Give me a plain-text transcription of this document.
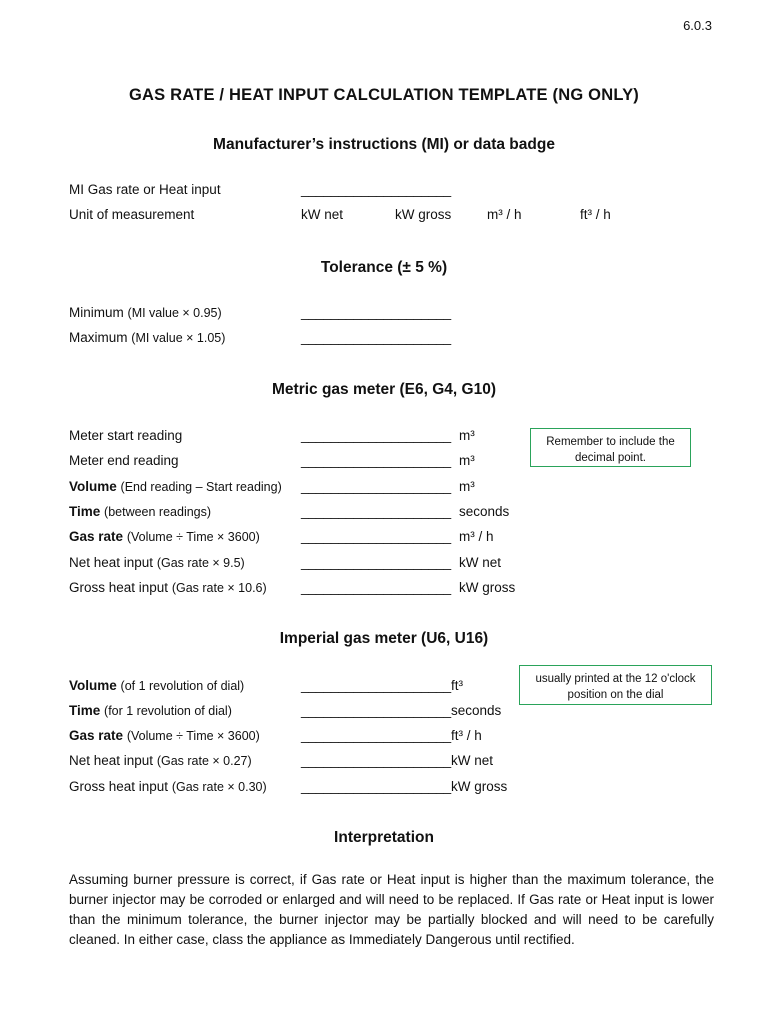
6.0.3
GAS RATE / HEAT INPUT CALCULATION TEMPLATE (NG ONLY)
Manufacturer’s instructions (MI) or data badge
MI Gas rate or Heat input	____________________
Unit of measurement	kW net	kW gross	m³ / h	ft³ / h
Tolerance (± 5 %)
Minimum (MI value × 0.95)	____________________
Maximum (MI value × 1.05)	____________________
Metric gas meter (E6, G4, G10)
Remember to include the decimal point.
Meter start reading	____________________ m³
Meter end reading	____________________ m³
Volume (End reading – Start reading) ____________________ m³
Time (between readings)	____________________ seconds
Gas rate (Volume ÷ Time × 3600)	____________________ m³ / h
Net heat input (Gas rate × 9.5)	____________________ kW net
Gross heat input (Gas rate × 10.6)	____________________ kW gross
Imperial gas meter (U6, U16)
usually printed at the 12 o'clock position on the dial
Volume (of 1 revolution of dial)	____________________ ft³
Time (for 1 revolution of dial)	____________________ seconds
Gas rate (Volume ÷ Time × 3600)	____________________ ft³ / h
Net heat input (Gas rate × 0.27)	____________________ kW net
Gross heat input (Gas rate × 0.30)	____________________ kW gross
Interpretation
Assuming burner pressure is correct, if Gas rate or Heat input is higher than the maximum tolerance, the burner injector may be corroded or enlarged and will need to be replaced. If Gas rate or Heat input is lower than the minimum tolerance, the burner injector may be partially blocked and will need to be carefully cleaned. In either case, class the appliance as Immediately Dangerous until rectified.
